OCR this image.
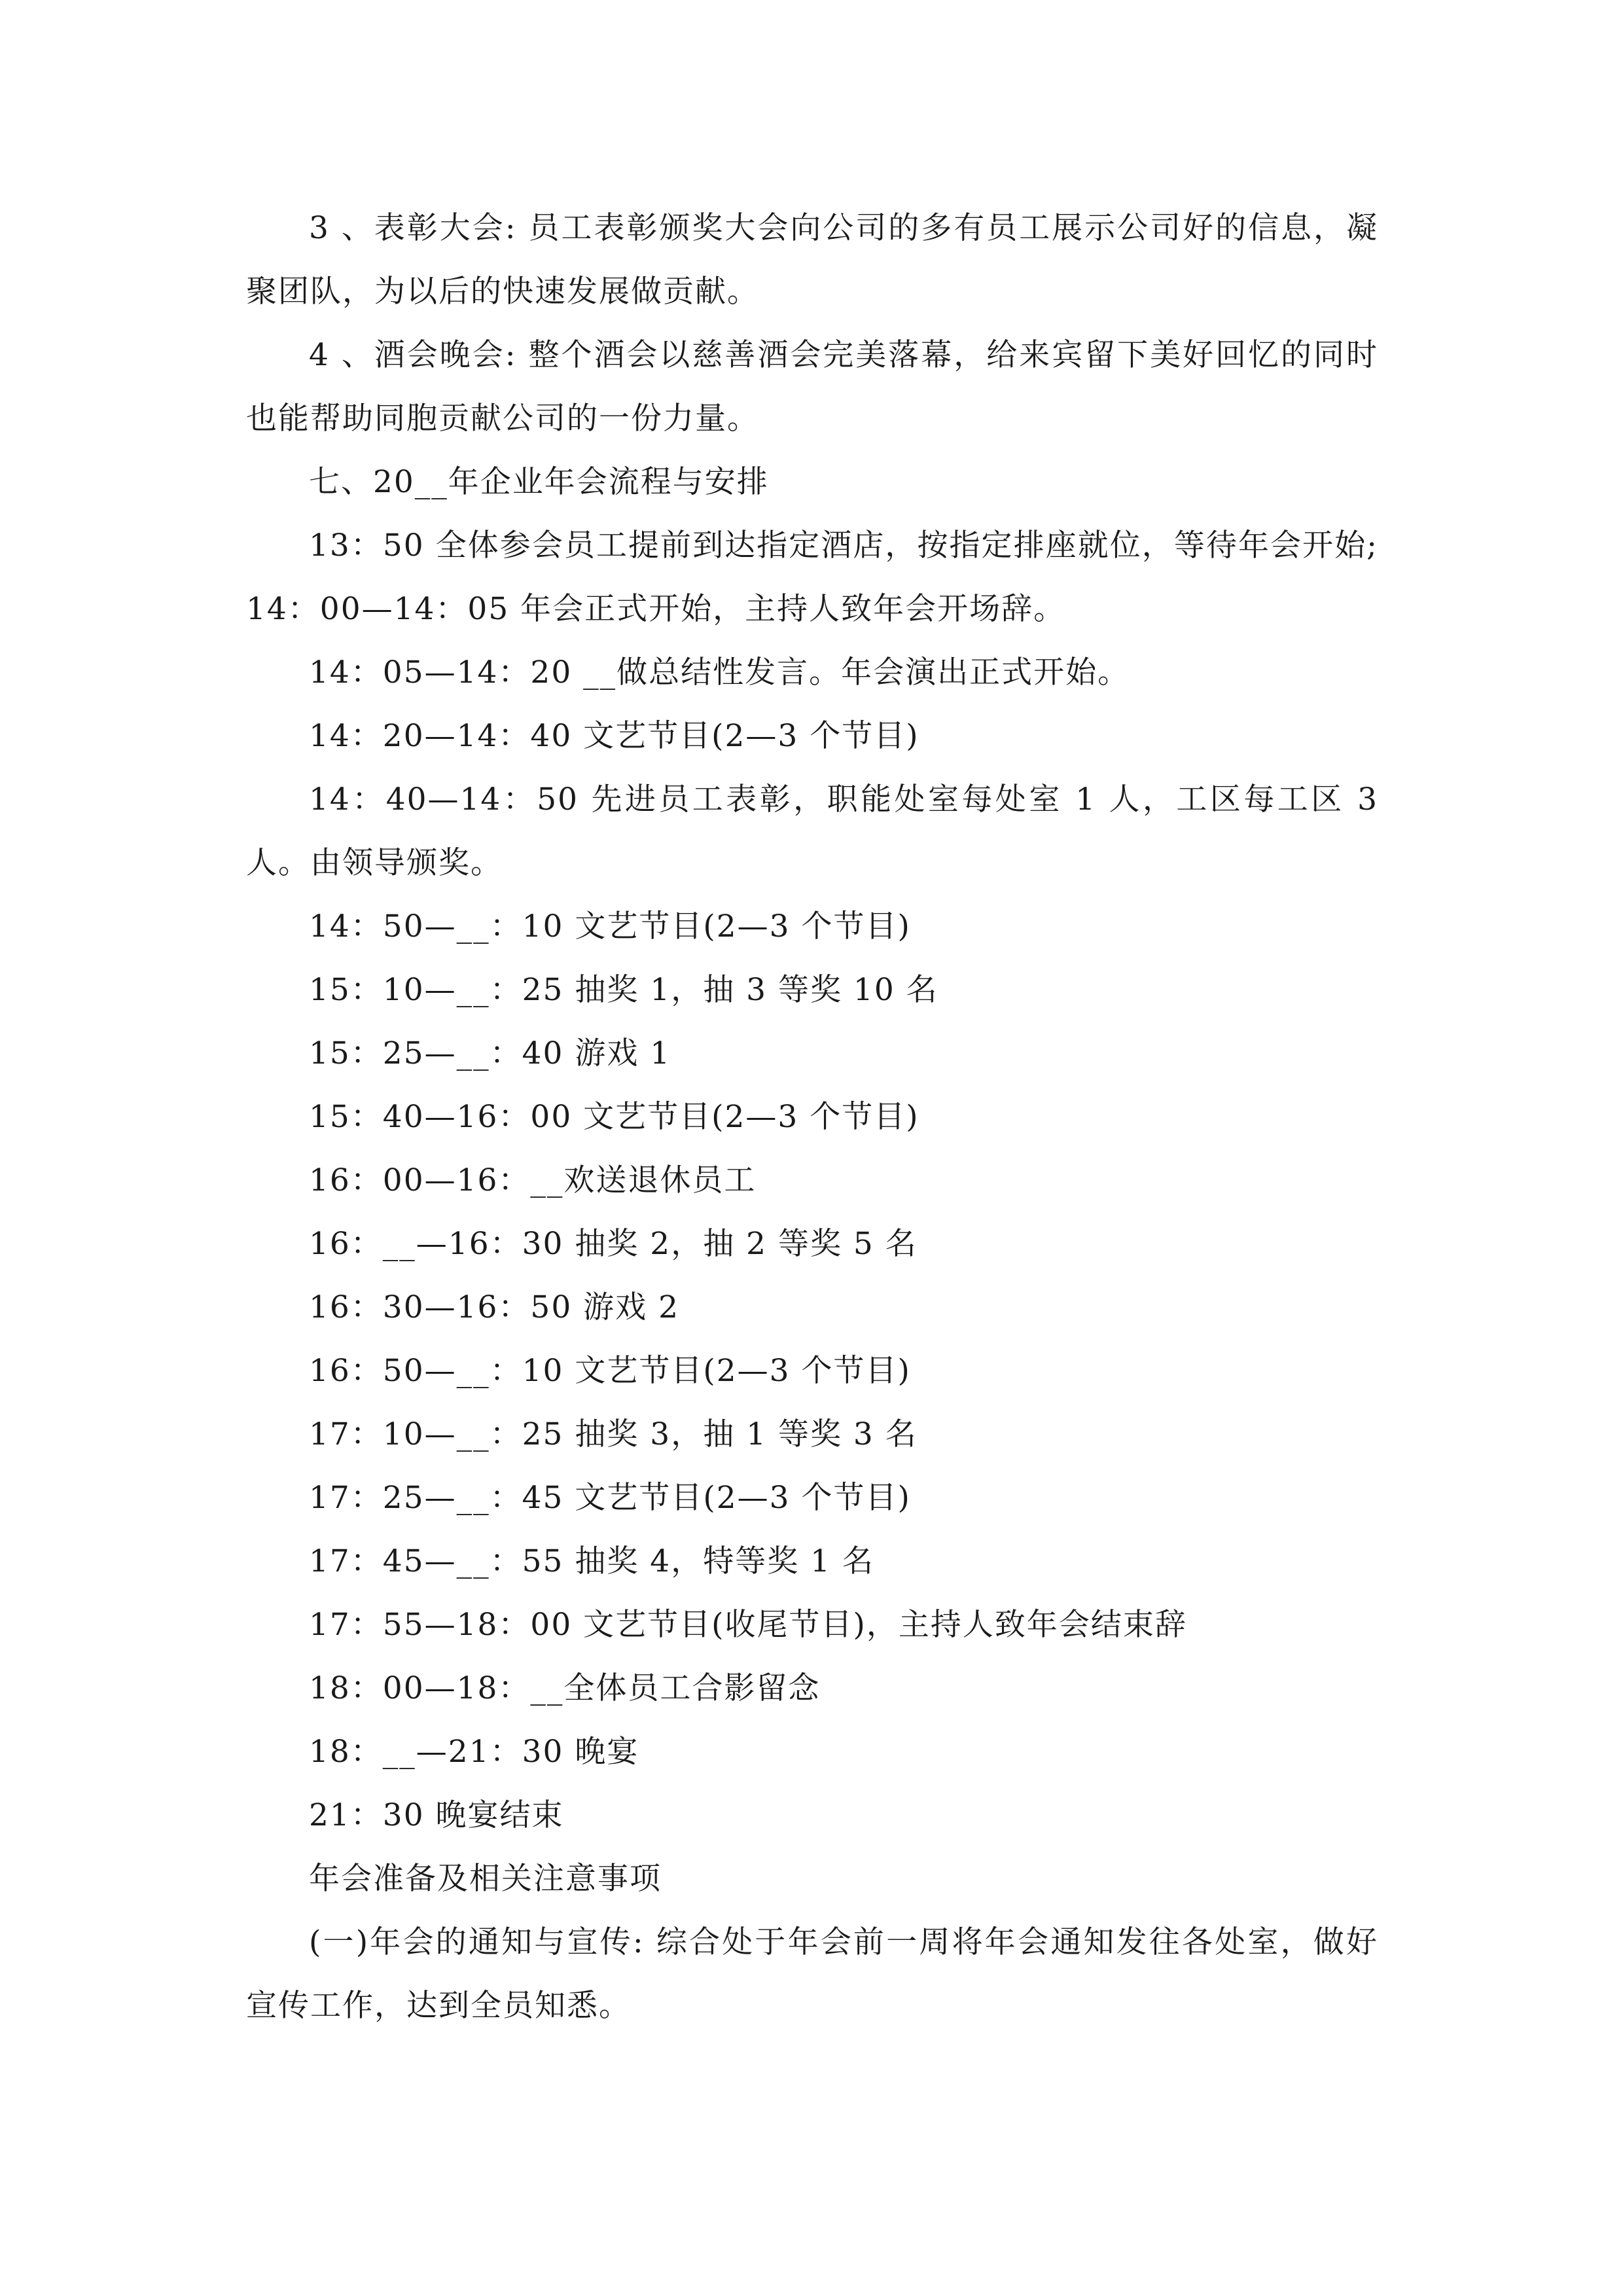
3 、表彰大会: 员工表彰颁奖大会向公司的多有员工展示公司好的信息，凝聚团队，为以后的快速发展做贡献。

4 、酒会晚会: 整个酒会以慈善酒会完美落幕，给来宾留下美好回忆的同时也能帮助同胞贡献公司的一份力量。

七、20__年企业年会流程与安排

13：50 全体参会员工提前到达指定酒店，按指定排座就位，等待年会开始;14：00—14：05 年会正式开始，主持人致年会开场辞。

14：05—14：20 __做总结性发言。年会演出正式开始。

14：20—14：40 文艺节目(2—3 个节目)

14：40—14：50 先进员工表彰，职能处室每处室 1 人，工区每工区 3 人。由领导颁奖。

14：50—__：10 文艺节目(2—3 个节目)

15：10—__：25 抽奖 1，抽 3 等奖 10 名

15：25—__：40 游戏 1

15：40—16：00 文艺节目(2—3 个节目)

16：00—16：__欢送退休员工

16：__—16：30 抽奖 2，抽 2 等奖 5 名

16：30—16：50 游戏 2

16：50—__：10 文艺节目(2—3 个节目)

17：10—__：25 抽奖 3，抽 1 等奖 3 名

17：25—__：45 文艺节目(2—3 个节目)

17：45—__：55 抽奖 4，特等奖 1 名

17：55—18：00 文艺节目(收尾节目)，主持人致年会结束辞

18：00—18：__全体员工合影留念

18：__—21：30 晚宴

21：30 晚宴结束

年会准备及相关注意事项

(一)年会的通知与宣传: 综合处于年会前一周将年会通知发往各处室，做好宣传工作，达到全员知悉。
